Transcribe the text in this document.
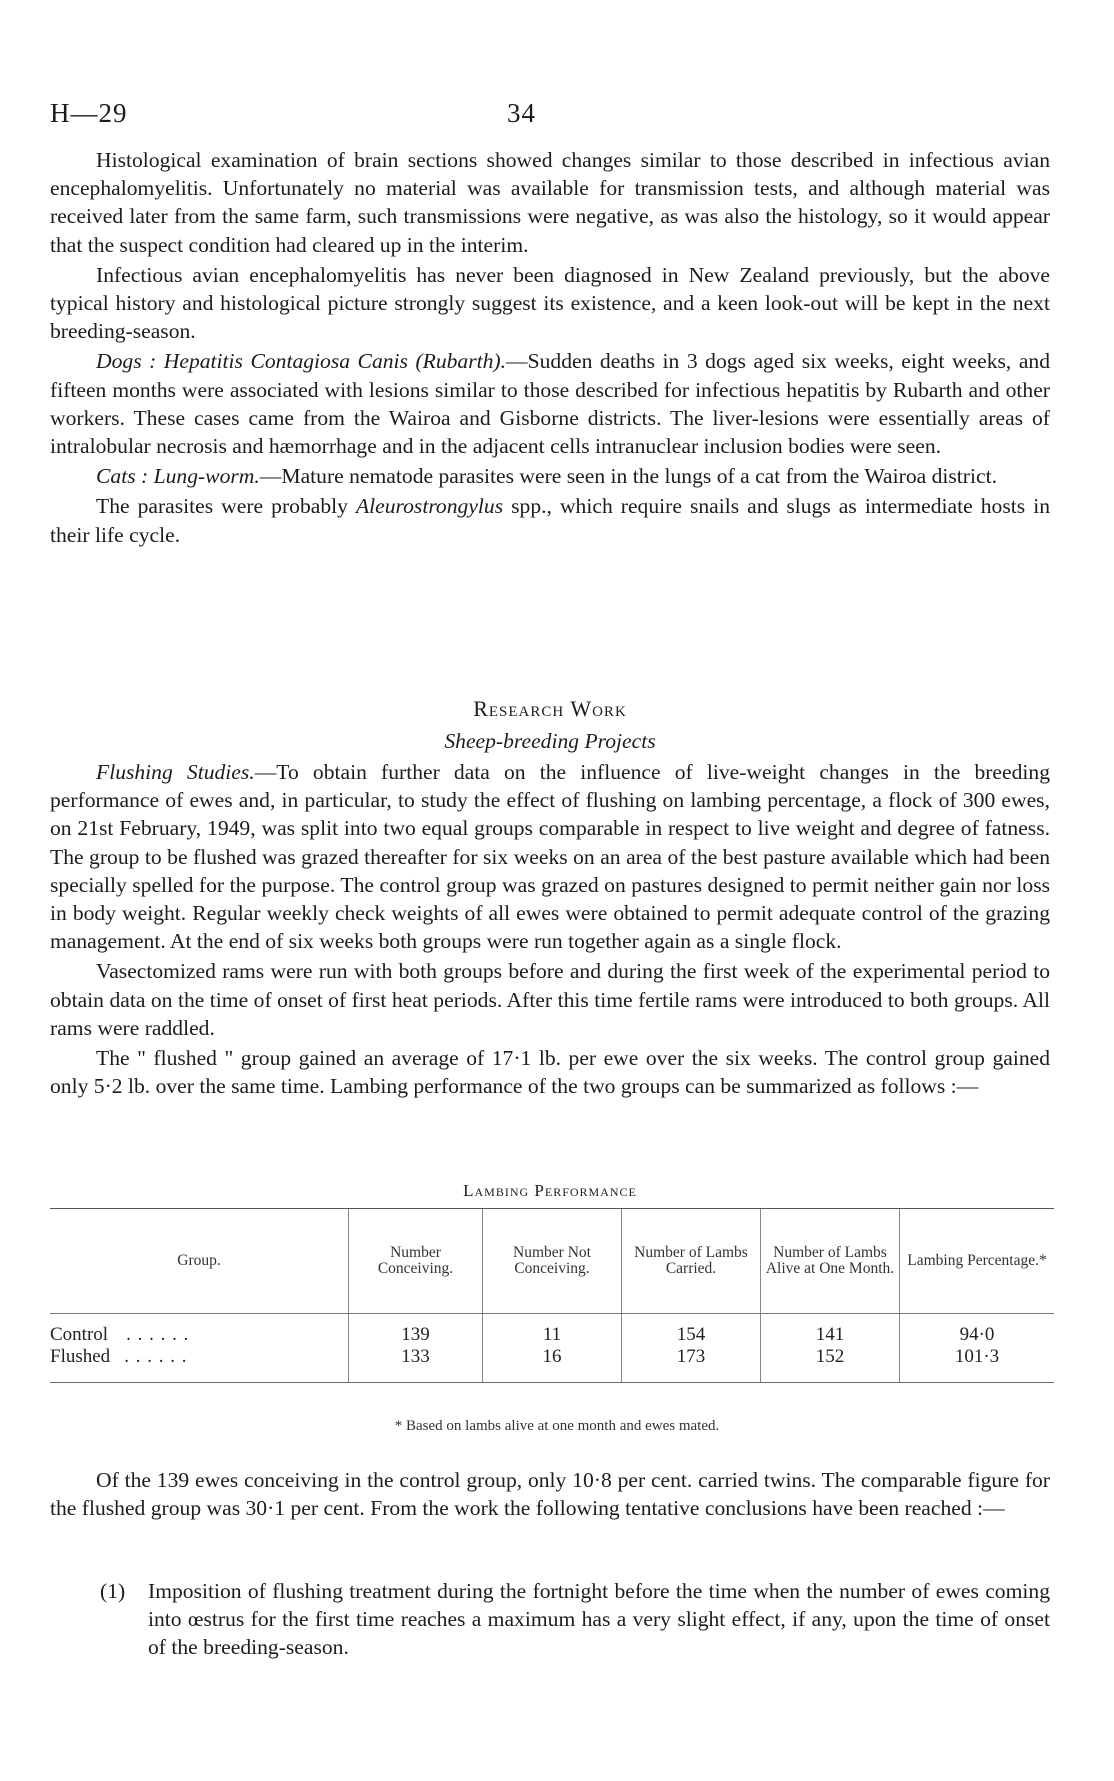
H—29	34

Histological examination of brain sections showed changes similar to those described in infectious avian encephalomyelitis. Unfortunately no material was available for transmission tests, and although material was received later from the same farm, such transmissions were negative, as was also the histology, so it would appear that the suspect condition had cleared up in the interim.

Infectious avian encephalomyelitis has never been diagnosed in New Zealand previously, but the above typical history and histological picture strongly suggest its existence, and a keen look-out will be kept in the next breeding-season.

Dogs : Hepatitis Contagiosa Canis (Rubarth).—Sudden deaths in 3 dogs aged six weeks, eight weeks, and fifteen months were associated with lesions similar to those described for infectious hepatitis by Rubarth and other workers. These cases came from the Wairoa and Gisborne districts. The liver-lesions were essentially areas of intralobular necrosis and hæmorrhage and in the adjacent cells intranuclear inclusion bodies were seen.

Cats : Lung-worm.—Mature nematode parasites were seen in the lungs of a cat from the Wairoa district.

The parasites were probably Aleurostrongylus spp., which require snails and slugs as intermediate hosts in their life cycle.

Research Work
Sheep-breeding Projects

Flushing Studies.—To obtain further data on the influence of live-weight changes in the breeding performance of ewes and, in particular, to study the effect of flushing on lambing percentage, a flock of 300 ewes, on 21st February, 1949, was split into two equal groups comparable in respect to live weight and degree of fatness. The group to be flushed was grazed thereafter for six weeks on an area of the best pasture available which had been specially spelled for the purpose. The control group was grazed on pastures designed to permit neither gain nor loss in body weight. Regular weekly check weights of all ewes were obtained to permit adequate control of the grazing management. At the end of six weeks both groups were run together again as a single flock.

Vasectomized rams were run with both groups before and during the first week of the experimental period to obtain data on the time of onset of first heat periods. After this time fertile rams were introduced to both groups. All rams were raddled.

The " flushed " group gained an average of 17·1 lb. per ewe over the six weeks. The control group gained only 5·2 lb. over the same time. Lambing performance of the two groups can be summarized as follows :—

Lambing Performance
Group.	Number Conceiving.	Number Not Conceiving.	Number of Lambs Carried.	Number of Lambs Alive at One Month.	Lambing Percentage.*
Control . . . . . .	139	11	154	141	94·0
Flushed . . . . . .	133	16	173	152	101·3
* Based on lambs alive at one month and ewes mated.

Of the 139 ewes conceiving in the control group, only 10·8 per cent. carried twins. The comparable figure for the flushed group was 30·1 per cent. From the work the following tentative conclusions have been reached :—

(1)	Imposition of flushing treatment during the fortnight before the time when the number of ewes coming into œstrus for the first time reaches a maximum has a very slight effect, if any, upon the time of onset of the breeding-season.
